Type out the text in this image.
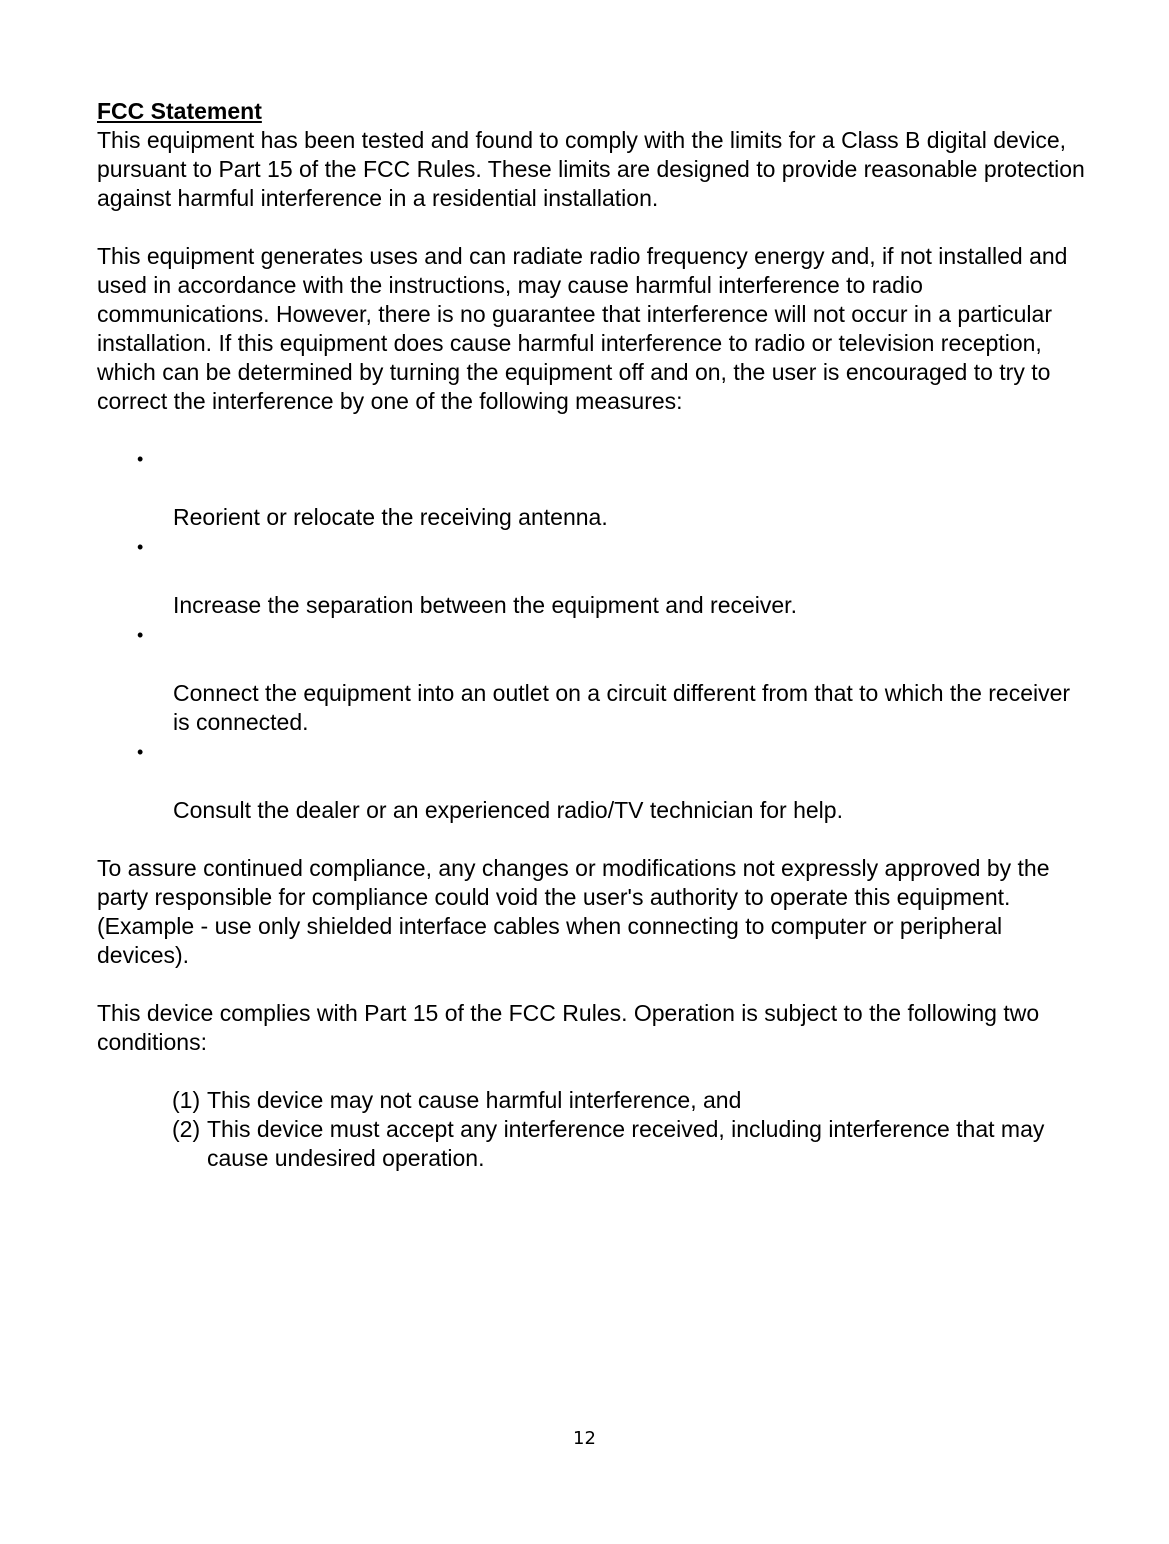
FCC Statement

This equipment has been tested and found to comply with the limits for a Class B digital device, pursuant to Part 15 of the FCC Rules. These limits are designed to provide reasonable protection against harmful interference in a residential installation.

This equipment generates uses and can radiate radio frequency energy and, if not installed and used in accordance with the instructions, may cause harmful interference to radio communications. However, there is no guarantee that interference will not occur in a particular installation. If this equipment does cause harmful interference to radio or television reception, which can be determined by turning the equipment off and on, the user is encouraged to try to correct the interference by one of the following measures:

•

Reorient or relocate the receiving antenna.

•

Increase the separation between the equipment and receiver.

•

Connect the equipment into an outlet on a circuit different from that to which the receiver is connected.

•

Consult the dealer or an experienced radio/TV technician for help.

To assure continued compliance, any changes or modifications not expressly approved by the party responsible for compliance could void the user's authority to operate this equipment. (Example - use only shielded interface cables when connecting to computer or peripheral devices).

This device complies with Part 15 of the FCC Rules. Operation is subject to the following two conditions:

(1) This device may not cause harmful interference, and
(2) This device must accept any interference received, including interference that may cause undesired operation.
12
